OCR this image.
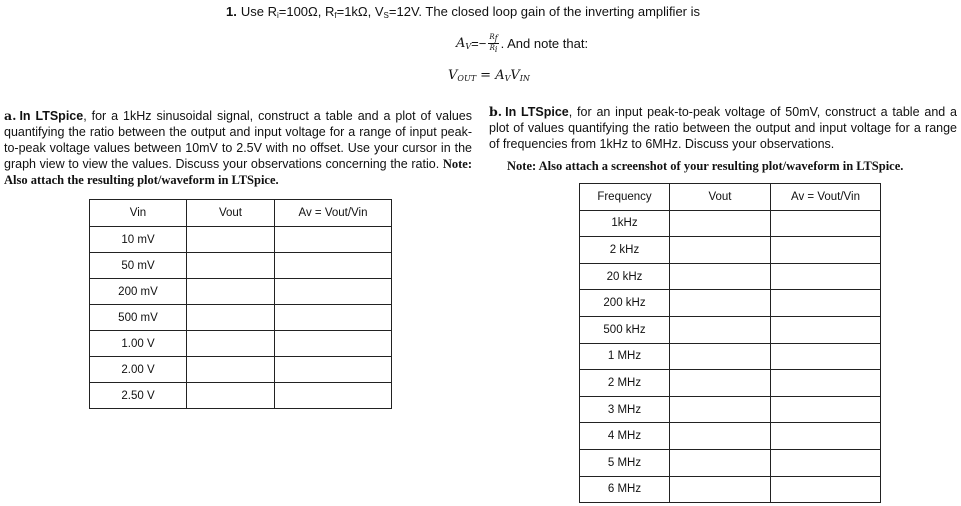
1. Use $R_i=100\Omega$, $R_f=1k\Omega$, $V_S=12V$. The closed loop gain of the inverting amplifier is
$A_V =- \frac{R_f}{R_i}$ . And note that:
$V_{OUT} = A_VV_{IN}$
a. In LTSpice, for a 1kHz sinusoidal signal, construct a table and a plot of values quantifying the ratio between the output and input voltage for a range of input peak-to-peak voltage values between 10mV to 2.5V with no offset. Use your cursor in the graph view to view the values. Discuss your observations concerning the ratio. Note: Also attach the resulting plot/waveform in LTSpice.
b. In LTSpice, for an input peak-to-peak voltage of 50mV, construct a table and a plot of values quantifying the ratio between the output and input voltage for a range of frequencies from 1kHz to 6MHz. Discuss your observations.
Note: Also attach a screenshot of your resulting plot/waveform in LTSpice.
Vin	Vout	Av = Vout/Vin
10 mV		
50 mV		
200 mV		
500 mV		
1.00 V		
2.00 V		
2.50 V		
Frequency	Vout	Av = Vout/Vin
1kHz		
2 kHz		
20 kHz		
200 kHz		
500 kHz		
1 MHz		
2 MHz		
3 MHz		
4 MHz		
5 MHz		
6 MHz		
